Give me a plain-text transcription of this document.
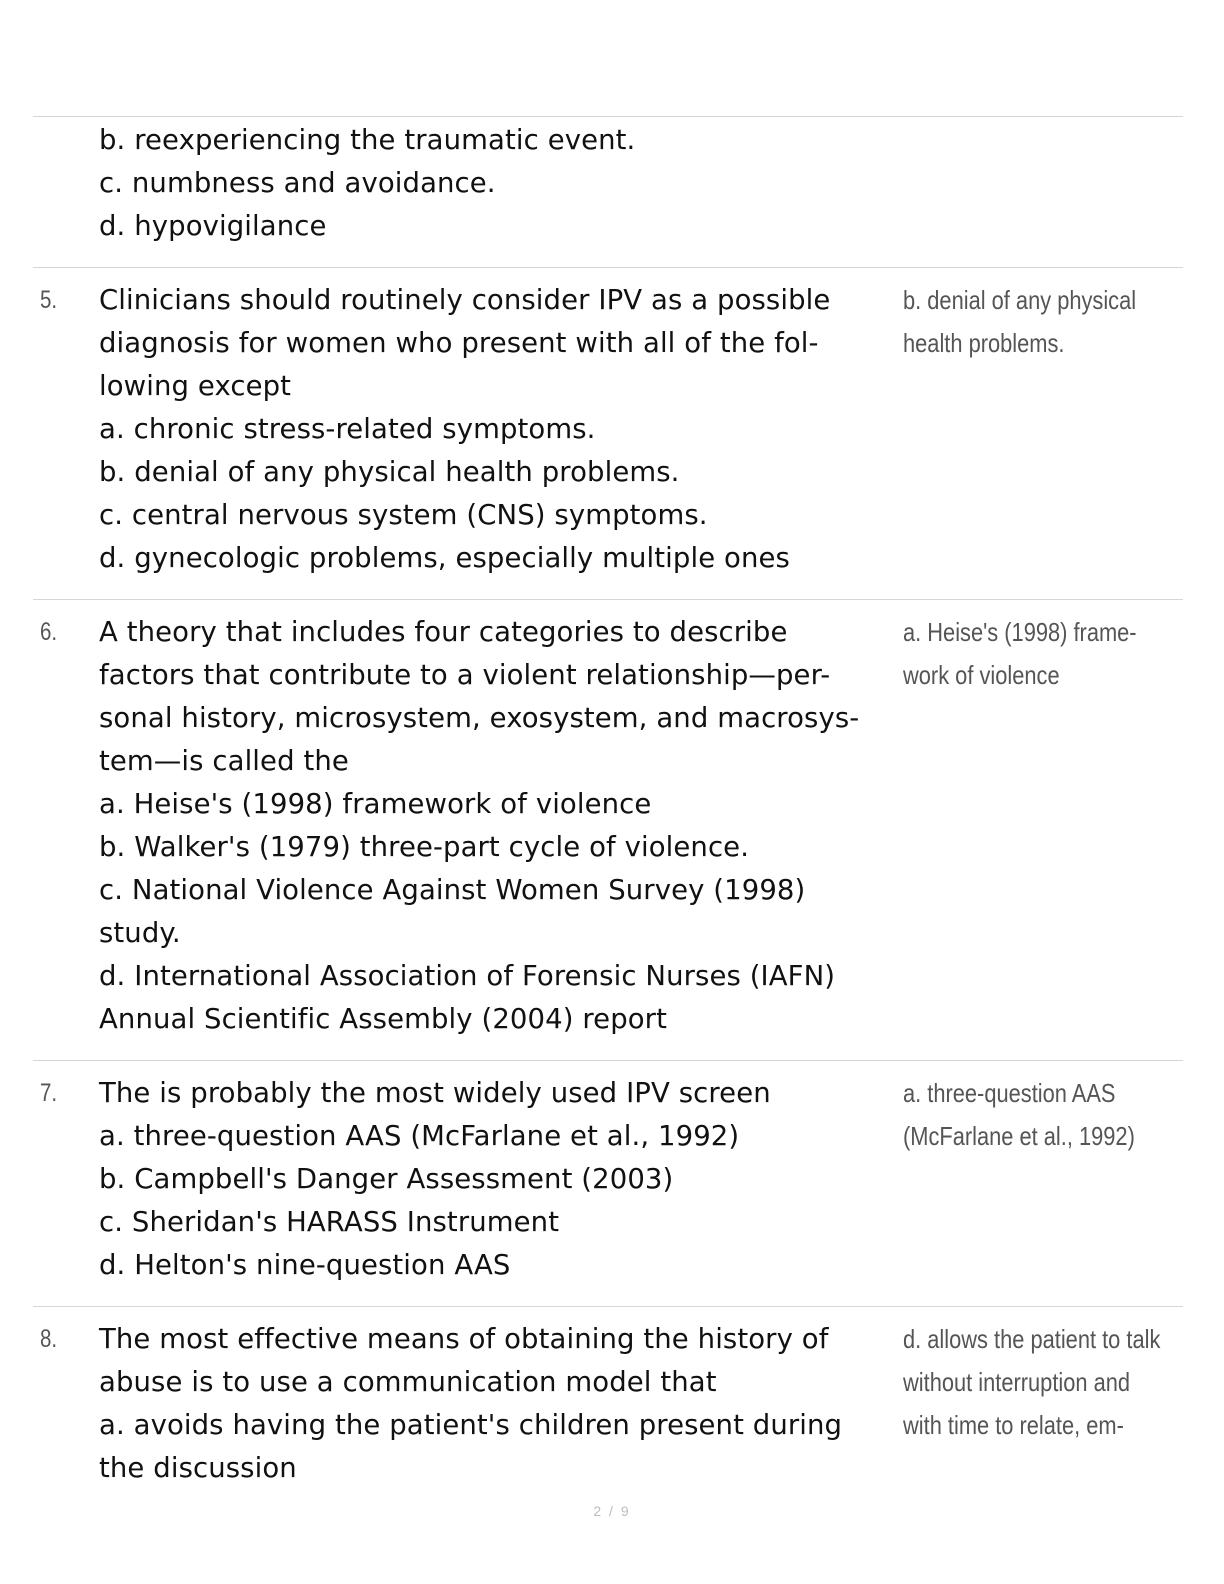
b. reexperiencing the traumatic event.
c. numbness and avoidance.
d. hypovigilance
5. Clinicians should routinely consider IPV as a possible
diagnosis for women who present with all of the fol-
lowing except
a. chronic stress-related symptoms.
b. denial of any physical health problems.
c. central nervous system (CNS) symptoms.
d. gynecologic problems, especially multiple ones
b. denial of any physical
health problems.
6. A theory that includes four categories to describe
factors that contribute to a violent relationship—per-
sonal history, microsystem, exosystem, and macrosys-
tem—is called the
a. Heise's (1998) framework of violence
b. Walker's (1979) three-part cycle of violence.
c. National Violence Against Women Survey (1998)
study.
d. International Association of Forensic Nurses (IAFN)
Annual Scientific Assembly (2004) report
a. Heise's (1998) frame-
work of violence
7. The is probably the most widely used IPV screen
a. three-question AAS (McFarlane et al., 1992)
b. Campbell's Danger Assessment (2003)
c. Sheridan's HARASS Instrument
d. Helton's nine-question AAS
a. three-question AAS
(McFarlane et al., 1992)
8. The most effective means of obtaining the history of
abuse is to use a communication model that
a. avoids having the patient's children present during
the discussion
d. allows the patient to talk
without interruption and
with time to relate, em-
2 / 9
